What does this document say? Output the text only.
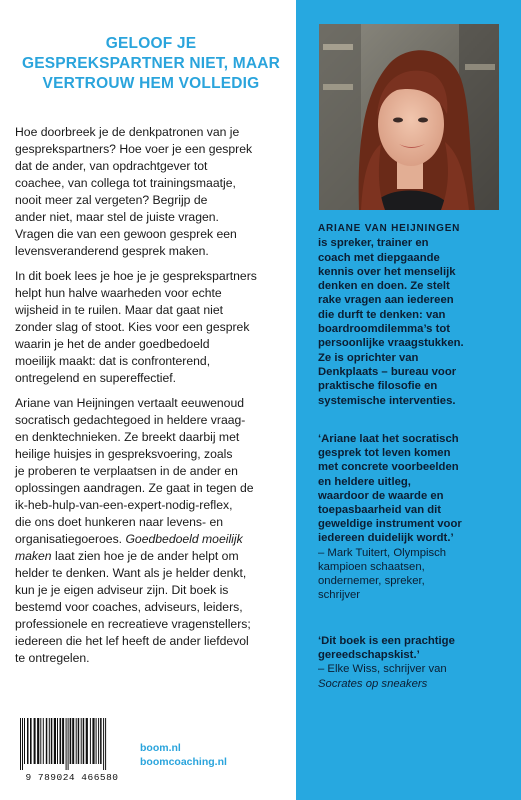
GELOOF JE
GESPREKSPARTNER NIET, MAAR
VERTROUW HEM VOLLEDIG

Hoe doorbreek je de denkpatronen van je
gesprekspartners? Hoe voer je een gesprek
dat de ander, van opdrachtgever tot
coachee, van collega tot trainingsmaatje,
nooit meer zal vergeten? Begrijp de
ander niet, maar stel de juiste vragen.
Vragen die van een gewoon gesprek een
levensveranderend gesprek maken.

In dit boek lees je hoe je je gesprekspartners
helpt hun halve waarheden voor echte
wijsheid in te ruilen. Maar dat gaat niet
zonder slag of stoot. Kies voor een gesprek
waarin je het de ander goedbedoeld
moeilijk maakt: dat is confronterend,
ontregelend en supereffectief.

Ariane van Heijningen vertaalt eeuwenoud
socratisch gedachtegoed in heldere vraag-
en denktechnieken. Ze breekt daarbij met
heilige huisjes in gespreksvoering, zoals
je proberen te verplaatsen in de ander en
oplossingen aandragen. Ze gaat in tegen de
ik-heb-hulp-van-een-expert-nodig-reflex,
die ons doet hunkeren naar levens- en
organisatiegoeroes. Goedbedoeld moeilijk
maken laat zien hoe je de ander helpt om
helder te denken. Want als je helder denkt,
kun je je eigen adviseur zijn. Dit boek is
bestemd voor coaches, adviseurs, leiders,
professionele en recreatieve vragenstellers;
iedereen die het lef heeft de ander liefdevol
te ontregelen.

9 789024 466580
boom.nl
boomcoaching.nl
ARIANE VAN HEIJNINGEN
is spreker, trainer en
coach met diepgaande
kennis over het menselijk
denken en doen. Ze stelt
rake vragen aan iedereen
die durft te denken: van
boardroomdilemma’s tot
persoonlijke vraagstukken.
Ze is oprichter van
Denkplaats – bureau voor
praktische filosofie en
systemische interventies.
‘Ariane laat het socratisch
gesprek tot leven komen
met concrete voorbeelden
en heldere uitleg,
waardoor de waarde en
toepasbaarheid van dit
geweldige instrument voor
iedereen duidelijk wordt.’
– Mark Tuitert, Olympisch
kampioen schaatsen,
ondernemer, spreker,
schrijver
‘Dit boek is een prachtige
gereedschapskist.’
– Elke Wiss, schrijver van
Socrates op sneakers
